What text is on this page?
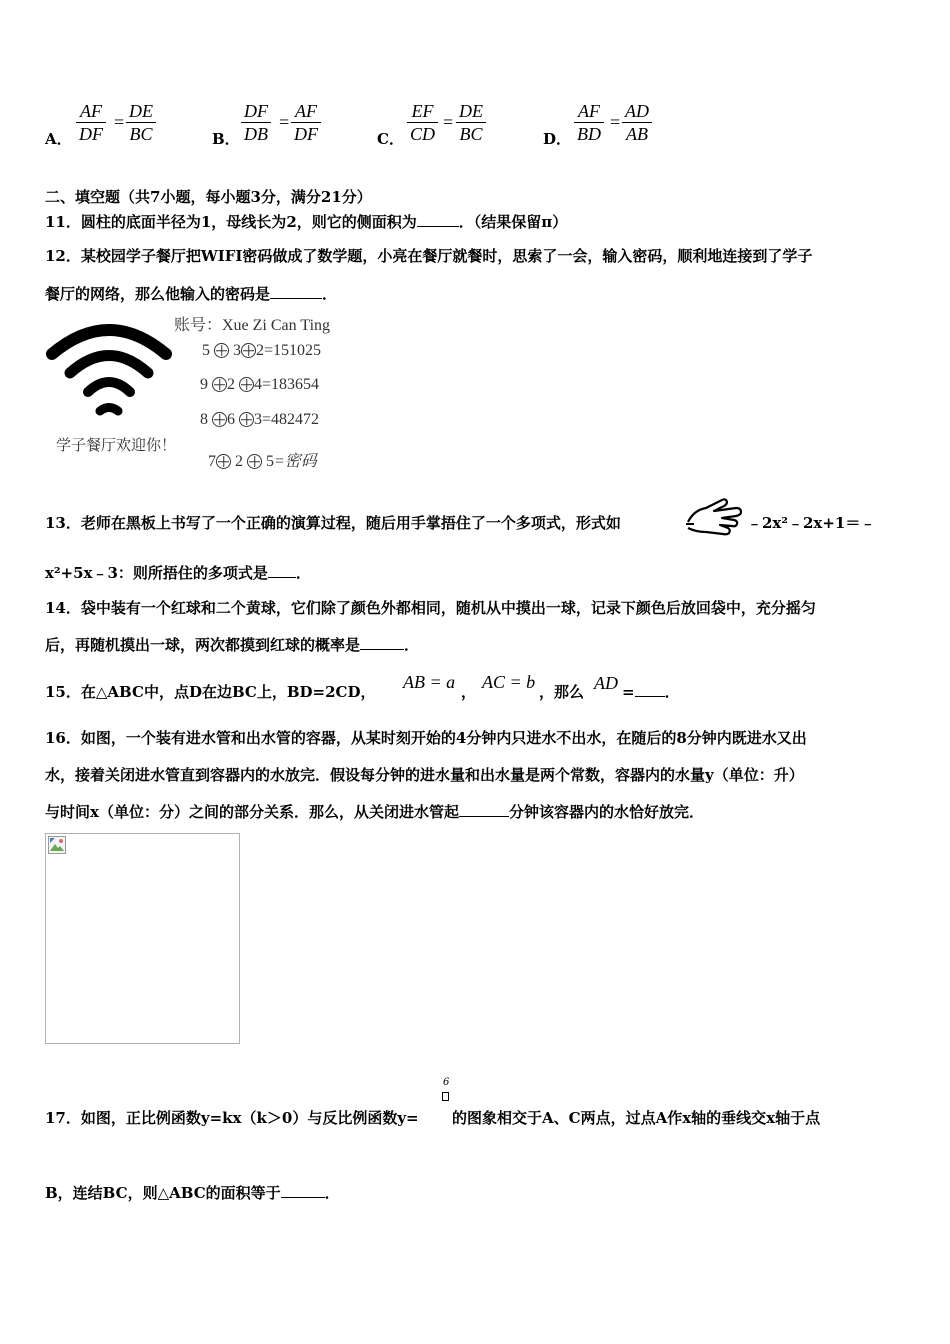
A． $\frac{AF}{DF} = \frac{DE}{BC}$	B． $\frac{DF}{DB} = \frac{AF}{DF}$	C． $\frac{EF}{CD} = \frac{DE}{BC}$	D． $\frac{AF}{BD} = \frac{AD}{AB}$
二、填空题（共7小题，每小题3分，满分21分）
11．圆柱的底面半径为1，母线长为2，则它的侧面积为	．（结果保留π）
12．某校园学子餐厅把WIFI密码做成了数学题，小亮在餐厅就餐时，思索了一会，输入密码，顺利地连接到了学子
餐厅的网络，那么他输入的密码是	．
学子餐厅欢迎你！
账号：Xue Zi Can Ting
5 3 2=151025
9 2 4=183654
8 6 3=482472
7 2 5=密码
13．老师在黑板上书写了一个正确的演算过程，随后用手掌捂住了一个多项式，形式如	﹣2x²﹣2x+1＝﹣
x²+5x﹣3：则所捂住的多项式是 ．
14．袋中装有一个红球和二个黄球，它们除了颜色外都相同，随机从中摸出一球，记录下颜色后放回袋中，充分摇匀
后，再随机摸出一球，两次都摸到红球的概率是	．
15．在△ABC中，点D在边BC上，BD=2CD， AB = a ， AC = b ，那么 AD = ．
16．如图，一个装有进水管和出水管的容器，从某时刻开始的4分钟内只进水不出水，在随后的8分钟内既进水又出
水，接着关闭进水管直到容器内的水放完．假设每分钟的进水量和出水量是两个常数，容器内的水量y（单位：升）
与时间x（单位：分）之间的部分关系．那么，从关闭进水管起	分钟该容器内的水恰好放完．
17．如图，正比例函数y=kx（k＞0）与反比例函数y=
6
的图象相交于A、C两点，过点A作x轴的垂线交x轴于点
B，连结BC，则△ABC的面积等于	．
